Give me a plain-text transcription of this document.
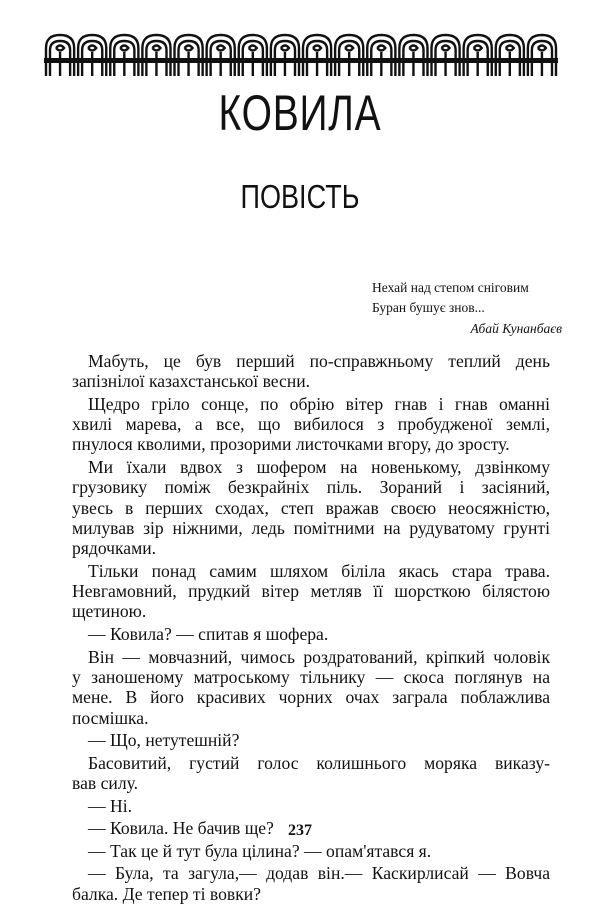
КОВИЛА
ПОВІСТЬ
Нехай над степом сніговим
Буран бушує знов...
Абай Кунанбаєв
Мабуть, це був перший по-справжньому теплий день
запізнілої казахстанської весни.
Щедро гріло сонце, по обрію вітер гнав і гнав оманні
хвилі марева, а все, що вибилося з пробудженої землі,
пнулося кволими, прозорими листочками вгору, до зросту.
Ми їхали вдвох з шофером на новенькому, дзвінкому
грузовику поміж безкрайніх піль. Зораний і засіяний,
увесь в перших сходах, степ вражав своєю неосяжністю,
милував зір ніжними, ледь помітними на рудуватому грунті
рядочками.
Тільки понад самим шляхом біліла якась стара трава.
Невгамовний, прудкий вітер метляв її шорсткою білястою
щетиною.
— Ковила? — спитав я шофера.
Він — мовчазний, чимось роздратований, кріпкий чоловік
у заношеному матроському тільнику — скоса поглянув на
мене. В його красивих чорних очах заграла поблажлива
посмішка.
— Що, нетутешній?
Басовитий, густий голос колишнього моряка виказу-
вав силу.
— Ні.
— Ковила. Не бачив ще?
— Так це й тут була цілина? — опам'ятався я.
— Була, та загула,— додав він.— Каскирлисай — Вовча
балка. Де тепер ті вовки?
237
